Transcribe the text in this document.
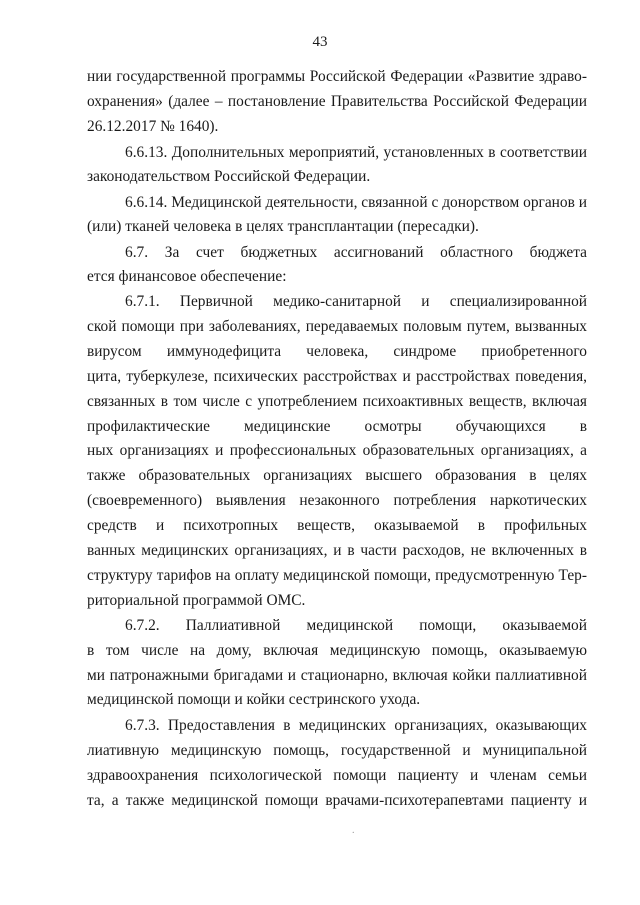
43
нии государственной программы Российской Федерации «Развитие здраво-
охранения» (далее – постановление Правительства Российской Федерации
26.12.2017 № 1640).
6.6.13. Дополнительных мероприятий, установленных в соответствии
законодательством Российской Федерации.
6.6.14. Медицинской деятельности, связанной с донорством органов и
(или) тканей человека в целях трансплантации (пересадки).
6.7. За счет бюджетных ассигнований областного бюджета
ется финансовое обеспечение:
6.7.1. Первичной медико-санитарной и специализированной
ской помощи при заболеваниях, передаваемых половым путем, вызванных
вирусом иммунодефицита человека, синдроме приобретенного
цита, туберкулезе, психических расстройствах и расстройствах поведения,
связанных в том числе с употреблением психоактивных веществ, включая
профилактические медицинские осмотры обучающихся в
ных организациях и профессиональных образовательных организациях, а
также образовательных организациях высшего образования в целях
(своевременного) выявления незаконного потребления наркотических
средств и психотропных веществ, оказываемой в профильных
ванных медицинских организациях, и в части расходов, не включенных в
структуру тарифов на оплату медицинской помощи, предусмотренную Тер-
риториальной программой ОМС.
6.7.2. Паллиативной медицинской помощи, оказываемой
в том числе на дому, включая медицинскую помощь, оказываемую
ми патронажными бригадами и стационарно, включая койки паллиативной
медицинской помощи и койки сестринского ухода.
6.7.3. Предоставления в медицинских организациях, оказывающих
лиативную медицинскую помощь, государственной и муниципальной
здравоохранения психологической помощи пациенту и членам семьи
та, а также медицинской помощи врачами-психотерапевтами пациенту и
.
